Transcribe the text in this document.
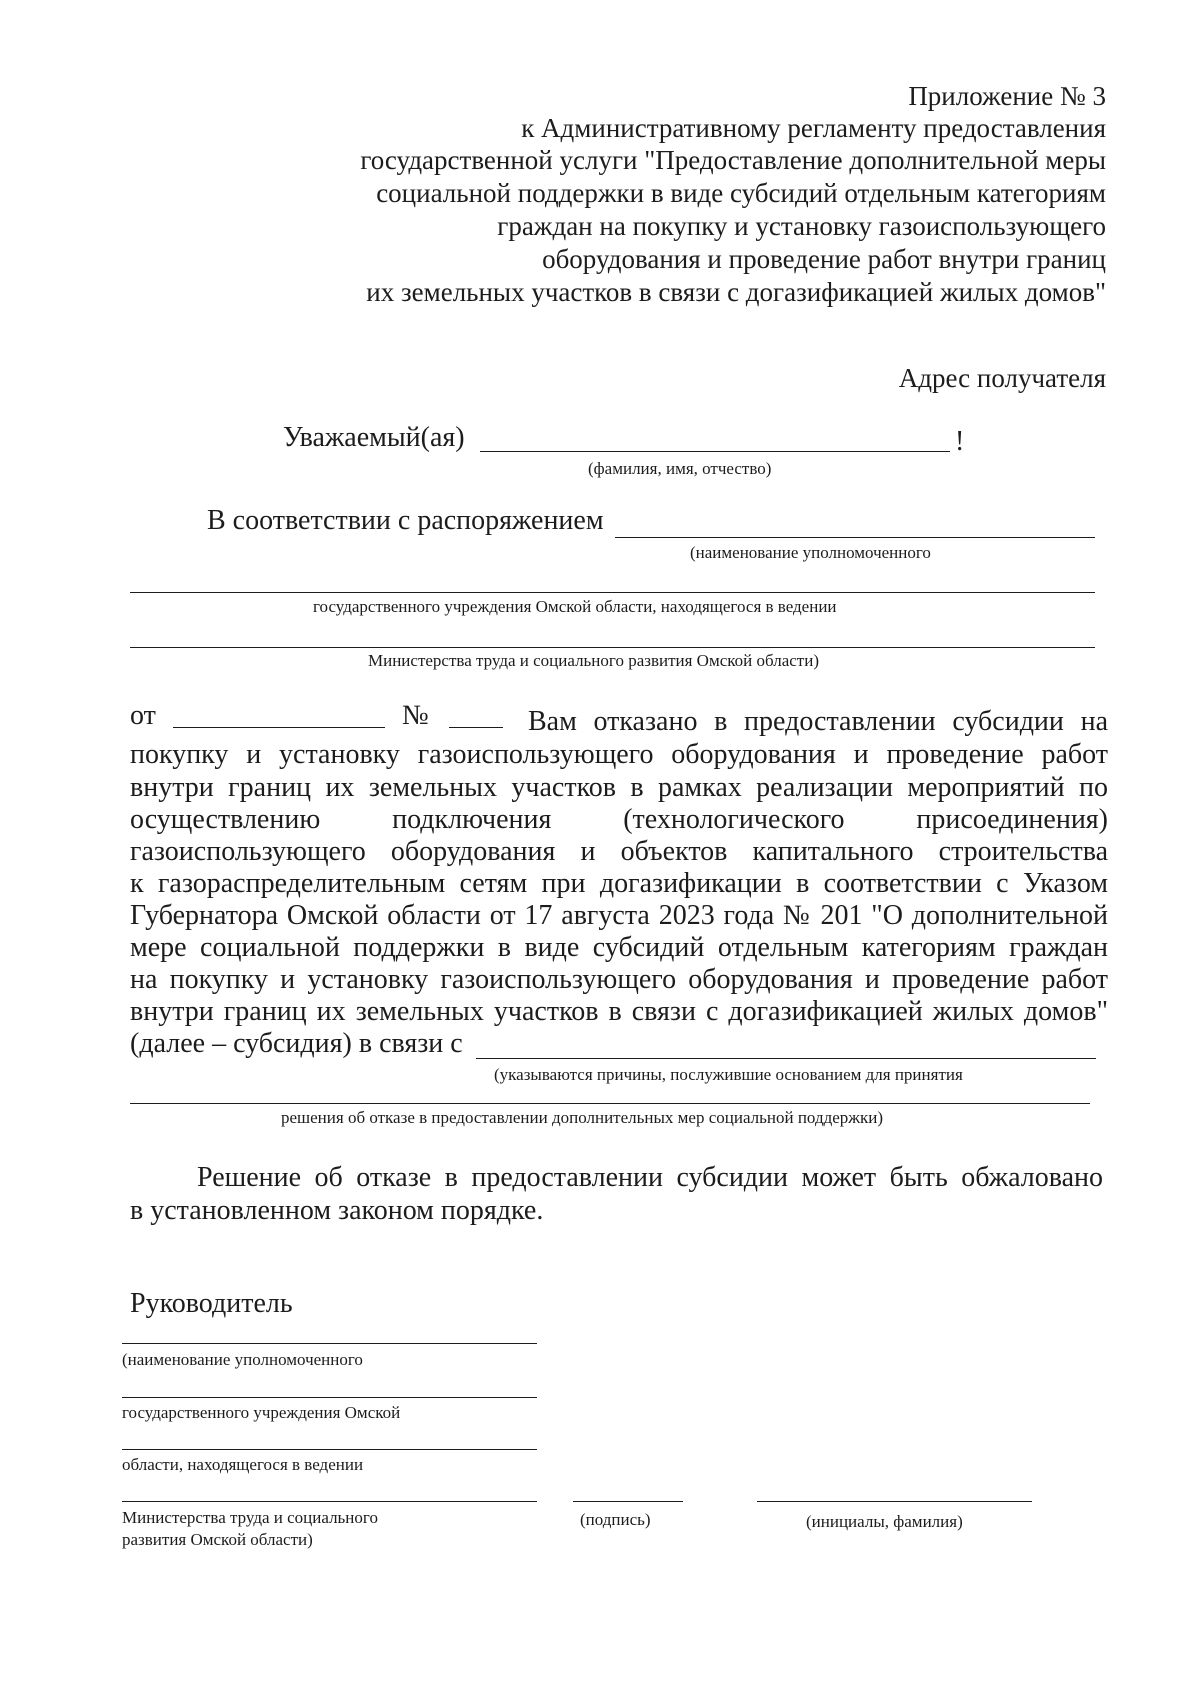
Приложение № 3
к Административному регламенту предоставления
государственной услуги "Предоставление дополнительной меры
социальной поддержки в виде субсидий отдельным категориям
граждан на покупку и установку газоиспользующего
оборудования и проведение работ внутри границ
их земельных участков в связи с догазификацией жилых домов"
Адрес получателя
Уважаемый(ая)	!
(фамилия, имя, отчество)
В соответствии с распоряжением
(наименование уполномоченного
государственного учреждения Омской области, находящегося в ведении
Министерства труда и социального развития Омской области)
от	№	Вам отказано в предоставлении субсидии на
покупку и установку газоиспользующего оборудования и проведение работ
внутри границ их земельных участков в рамках реализации мероприятий по
осуществлению подключения (технологического присоединения)
газоиспользующего оборудования и объектов капитального строительства
к газораспределительным сетям при догазификации в соответствии с Указом
Губернатора Омской области от 17 августа 2023 года № 201 "О дополнительной
мере социальной поддержки в виде субсидий отдельным категориям граждан
на покупку и установку газоиспользующего оборудования и проведение работ
внутри границ их земельных участков в связи с догазификацией жилых домов"
(далее – субсидия) в связи с
(указываются причины, послужившие основанием для принятия
решения об отказе в предоставлении дополнительных мер социальной поддержки)
Решение об отказе в предоставлении субсидии может быть обжаловано
в установленном законом порядке.
Руководитель
(наименование уполномоченного
государственного учреждения Омской
области, находящегося в ведении
Министерства труда и социального
развития Омской области)
(подпись)	(инициалы, фамилия)
